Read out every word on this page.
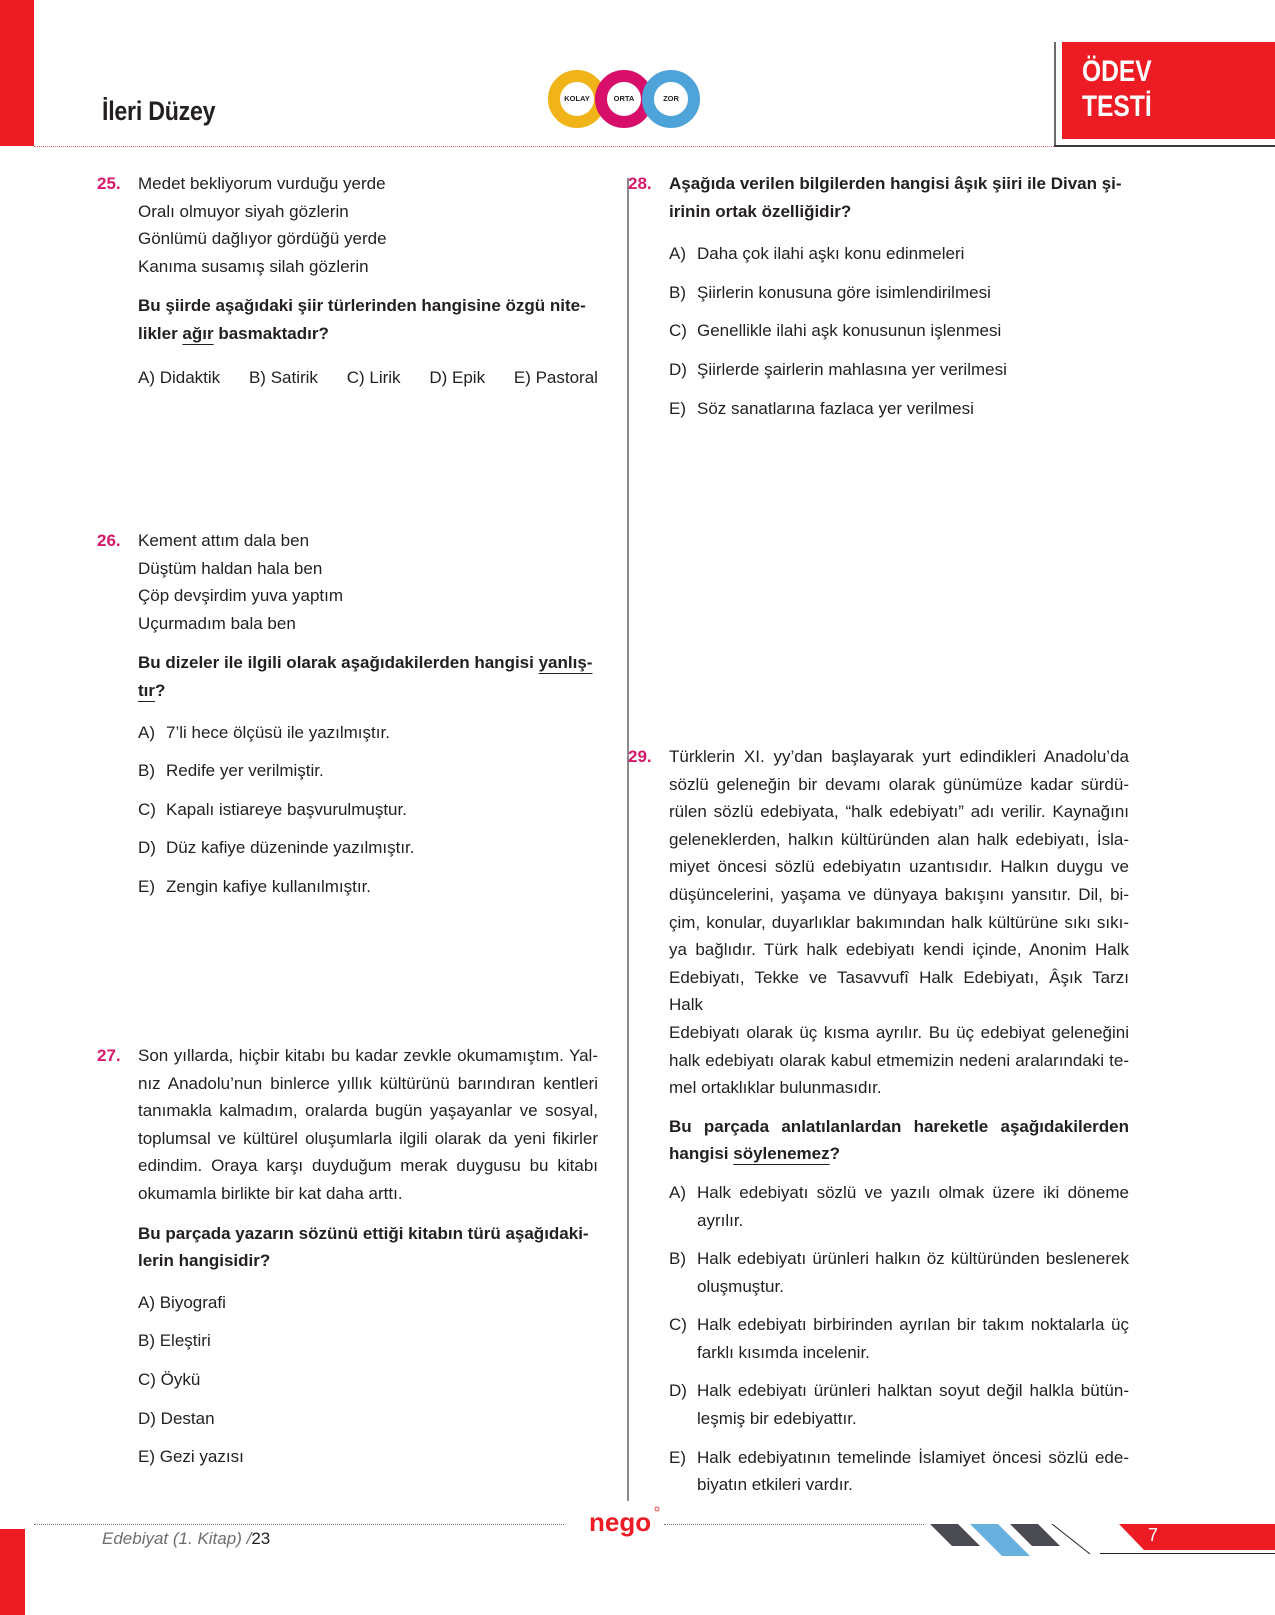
İleri Düzey	KOLAY	ORTA	ZOR
ÖDEV
TESTİ
25. Medet bekliyorum vurduğu yerde
Oralı olmuyor siyah gözlerin
Gönlümü dağlıyor gördüğü yerde
Kanıma susamış silah gözlerin
Bu şiirde aşağıdaki şiir türlerinden hangisine özgü nite-
likler ağır basmaktadır?
A) Didaktik B) Satirik C) Lirik D) Epik E) Pastoral
26. Kement attım dala ben
Düştüm haldan hala ben
Çöp devşirdim yuva yaptım
Uçurmadım bala ben
Bu dizeler ile ilgili olarak aşağıdakilerden hangisi yanlış-
tır?
A) 7’li hece ölçüsü ile yazılmıştır.
B) Redife yer verilmiştir.
C) Kapalı istiareye başvurulmuştur.
D) Düz kafiye düzeninde yazılmıştır.
E) Zengin kafiye kullanılmıştır.
27. Son yıllarda, hiçbir kitabı bu kadar zevkle okumamıştım. Yal-
nız Anadolu’nun binlerce yıllık kültürünü barındıran kentleri
tanımakla kalmadım, oralarda bugün yaşayanlar ve sosyal,
toplumsal ve kültürel oluşumlarla ilgili olarak da yeni fikirler
edindim. Oraya karşı duyduğum merak duygusu bu kitabı
okumamla birlikte bir kat daha arttı.
Bu parçada yazarın sözünü ettiği kitabın türü aşağıdaki-
lerin hangisidir?
A) Biyografi
B) Eleştiri
C) Öykü
D) Destan
E) Gezi yazısı
28. Aşağıda verilen bilgilerden hangisi âşık şiiri ile Divan şi-
irinin ortak özelliğidir?
A) Daha çok ilahi aşkı konu edinmeleri
B) Şiirlerin konusuna göre isimlendirilmesi
C) Genellikle ilahi aşk konusunun işlenmesi
D) Şiirlerde şairlerin mahlasına yer verilmesi
E) Söz sanatlarına fazlaca yer verilmesi
29. Türklerin XI. yy’dan başlayarak yurt edindikleri Anadolu’da
sözlü geleneğin bir devamı olarak günümüze kadar sürdü-
rülen sözlü edebiyata, “halk edebiyatı” adı verilir. Kaynağını
geleneklerden, halkın kültüründen alan halk edebiyatı, İsla-
miyet öncesi sözlü edebiyatın uzantısıdır. Halkın duygu ve
düşüncelerini, yaşama ve dünyaya bakışını yansıtır. Dil, bi-
çim, konular, duyarlıklar bakımından halk kültürüne sıkı sıkı-
ya bağlıdır. Türk halk edebiyatı kendi içinde, Anonim Halk
Edebiyatı, Tekke ve Tasavvufî Halk Edebiyatı, Âşık Tarzı Halk
Edebiyatı olarak üç kısma ayrılır. Bu üç edebiyat geleneğini
halk edebiyatı olarak kabul etmemizin nedeni aralarındaki te-
mel ortaklıklar bulunmasıdır.
Bu parçada anlatılanlardan hareketle aşağıdakilerden
hangisi söylenemez?
A) Halk edebiyatı sözlü ve yazılı olmak üzere iki döneme
ayrılır.
B) Halk edebiyatı ürünleri halkın öz kültüründen beslenerek
oluşmuştur.
C) Halk edebiyatı birbirinden ayrılan bir takım noktalarla üç
farklı kısımda incelenir.
D) Halk edebiyatı ürünleri halktan soyut değil halkla bütün-
leşmiş bir edebiyattır.
E) Halk edebiyatının temelinde İslamiyet öncesi sözlü ede-
biyatın etkileri vardır.
Edebiyat (1. Kitap) /23
nego	7
